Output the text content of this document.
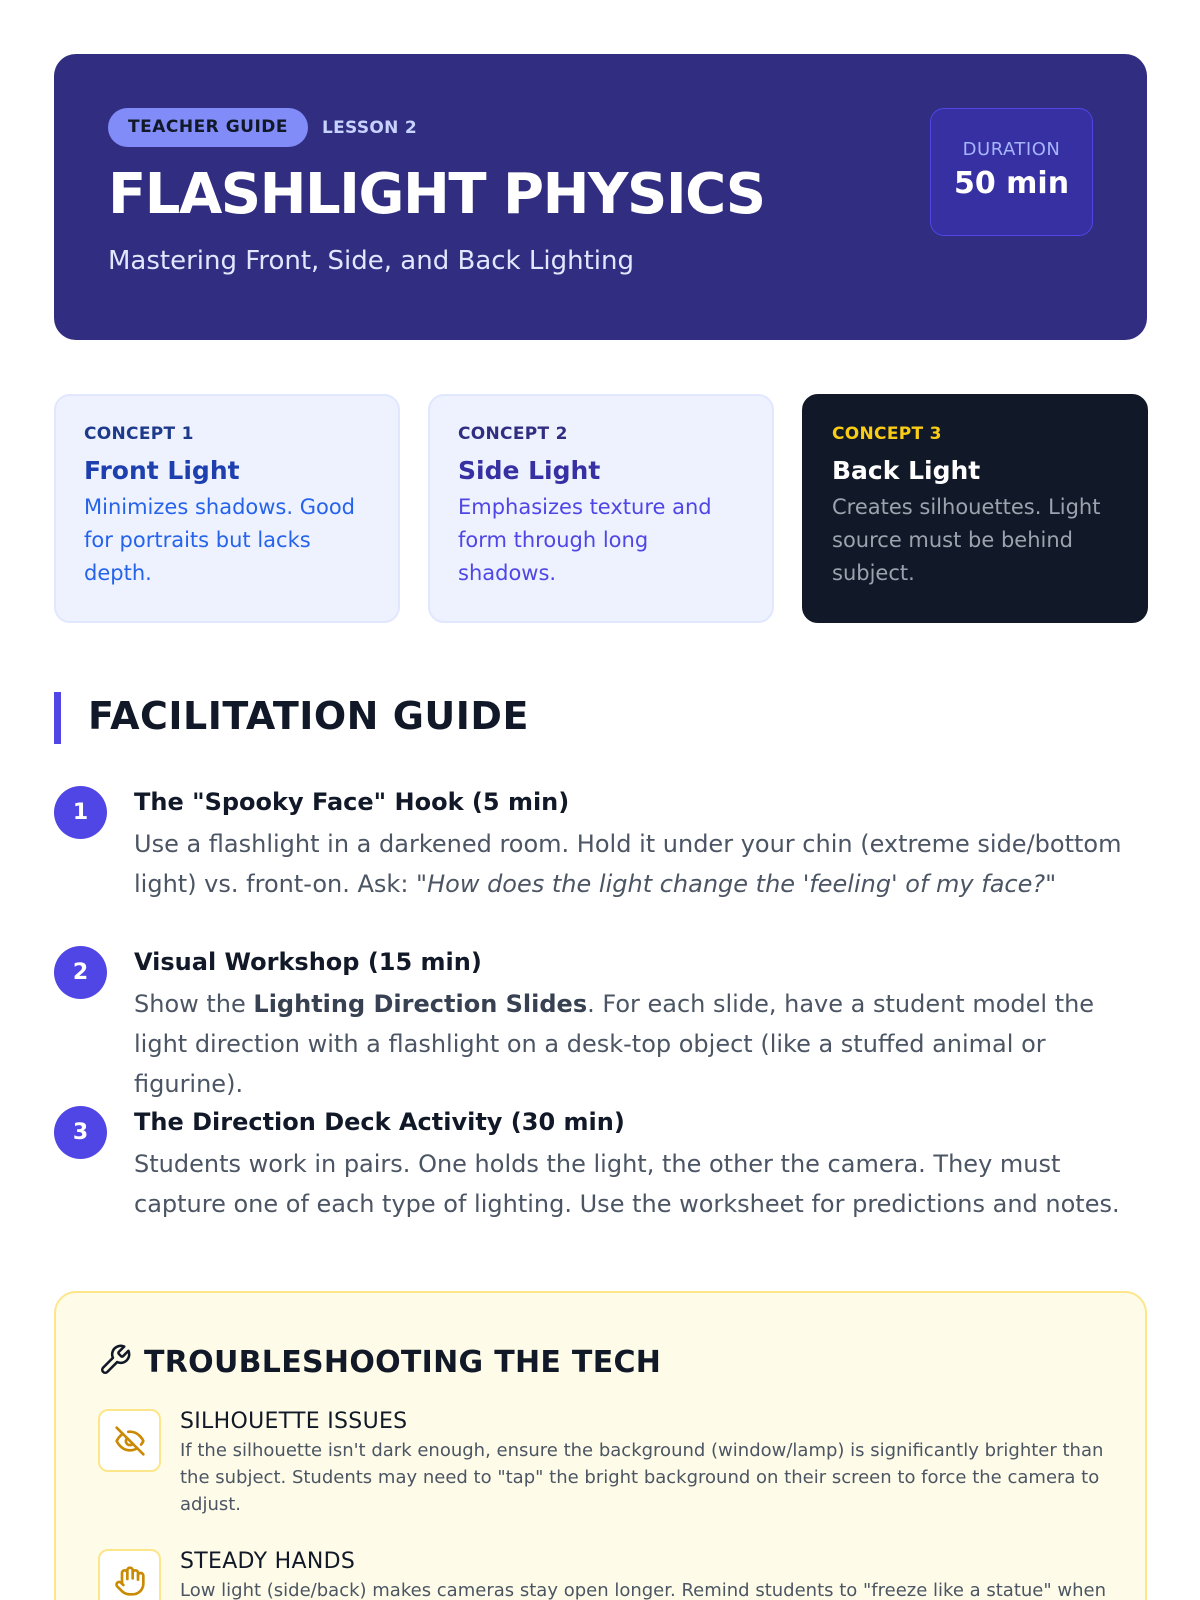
TEACHER GUIDE	LESSON 2
FLASHLIGHT PHYSICS
Mastering Front, Side, and Back Lighting
DURATION
50 min
CONCEPT 1
Front Light
Minimizes shadows. Good for portraits but lacks depth.
CONCEPT 2
Side Light
Emphasizes texture and form through long shadows.
CONCEPT 3
Back Light
Creates silhouettes. Light source must be behind subject.
FACILITATION GUIDE
1	The "Spooky Face" Hook (5 min)
Use a flashlight in a darkened room. Hold it under your chin (extreme side/bottom light) vs. front-on. Ask: "How does the light change the 'feeling' of my face?"
2	Visual Workshop (15 min)
Show the Lighting Direction Slides. For each slide, have a student model the light direction with a flashlight on a desk-top object (like a stuffed animal or figurine).
3	The Direction Deck Activity (30 min)
Students work in pairs. One holds the light, the other the camera. They must capture one of each type of lighting. Use the worksheet for predictions and notes.
TROUBLESHOOTING THE TECH
SILHOUETTE ISSUES
If the silhouette isn't dark enough, ensure the background (window/lamp) is significantly brighter than the subject. Students may need to "tap" the bright background on their screen to force the camera to adjust.
STEADY HANDS
Low light (side/back) makes cameras stay open longer. Remind students to "freeze like a statue" when
